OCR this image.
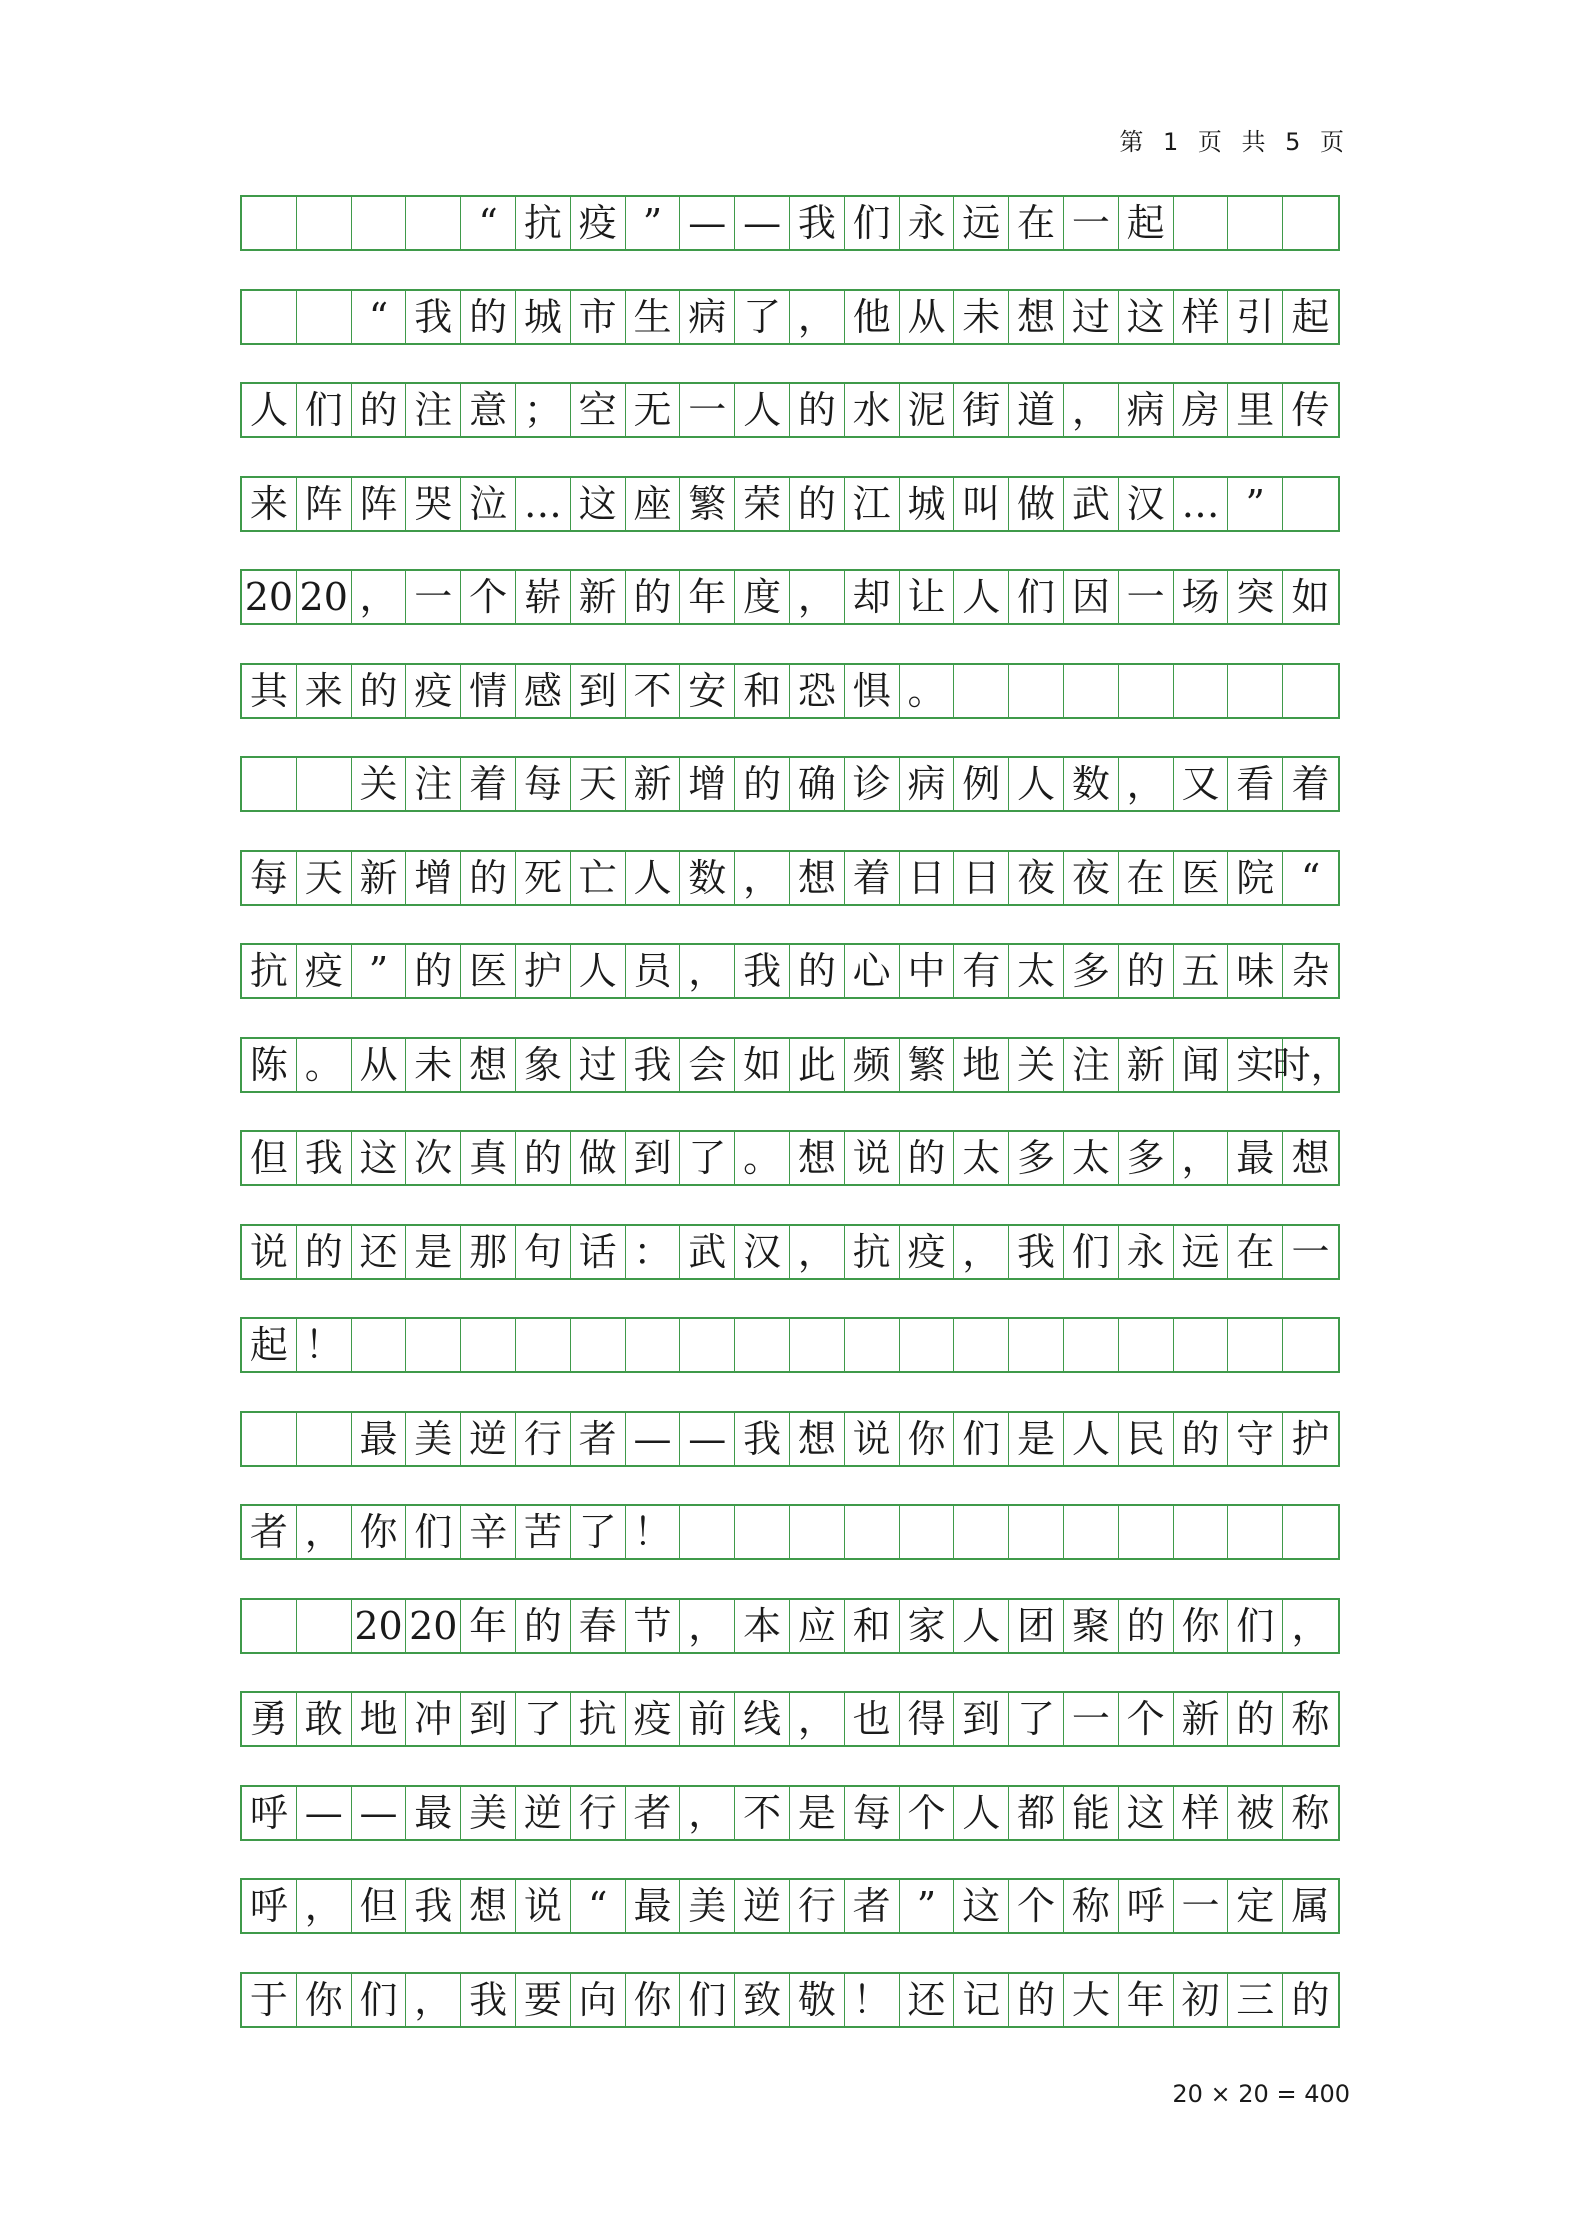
第 1 页 共 5 页
“ 抗 疫 ” — — 我 们 永 远 在 一 起
“ 我 的 城 市 生 病 了 ， 他 从 未 想 过 这 样 引 起
人 们 的 注 意 ； 空 无 一 人 的 水 泥 街 道 ， 病 房 里 传
来 阵 阵 哭 泣 … 这 座 繁 荣 的 江 城 叫 做 武 汉 … ”
20 20 ， 一 个 崭 新 的 年 度 ， 却 让 人 们 因 一 场 突 如
其 来 的 疫 情 感 到 不 安 和 恐 惧 。
关 注 着 每 天 新 增 的 确 诊 病 例 人 数 ， 又 看 着
每 天 新 增 的 死 亡 人 数 ， 想 着 日 日 夜 夜 在 医 院 “
抗 疫 ” 的 医 护 人 员 ， 我 的 心 中 有 太 多 的 五 味 杂
陈 。 从 未 想 象 过 我 会 如 此 频 繁 地 关 注 新 闻 实
时，
但 我 这 次 真 的 做 到 了 。 想 说 的 太 多 太 多 ， 最 想
说 的 还 是 那 句 话 ： 武 汉 ， 抗 疫 ， 我 们 永 远 在 一
起 ！
最 美 逆 行 者 — — 我 想 说 你 们 是 人 民 的 守 护
者 ， 你 们 辛 苦 了 ！
20 20 年 的 春 节 ， 本 应 和 家 人 团 聚 的 你 们 ，
勇 敢 地 冲 到 了 抗 疫 前 线 ， 也 得 到 了 一 个 新 的 称
呼 — — 最 美 逆 行 者 ， 不 是 每 个 人 都 能 这 样 被 称
呼 ， 但 我 想 说 “ 最 美 逆 行 者 ” 这 个 称 呼 一 定 属
于 你 们 ， 我 要 向 你 们 致 敬 ！ 还 记 的 大 年 初 三 的
20 × 20 = 400
